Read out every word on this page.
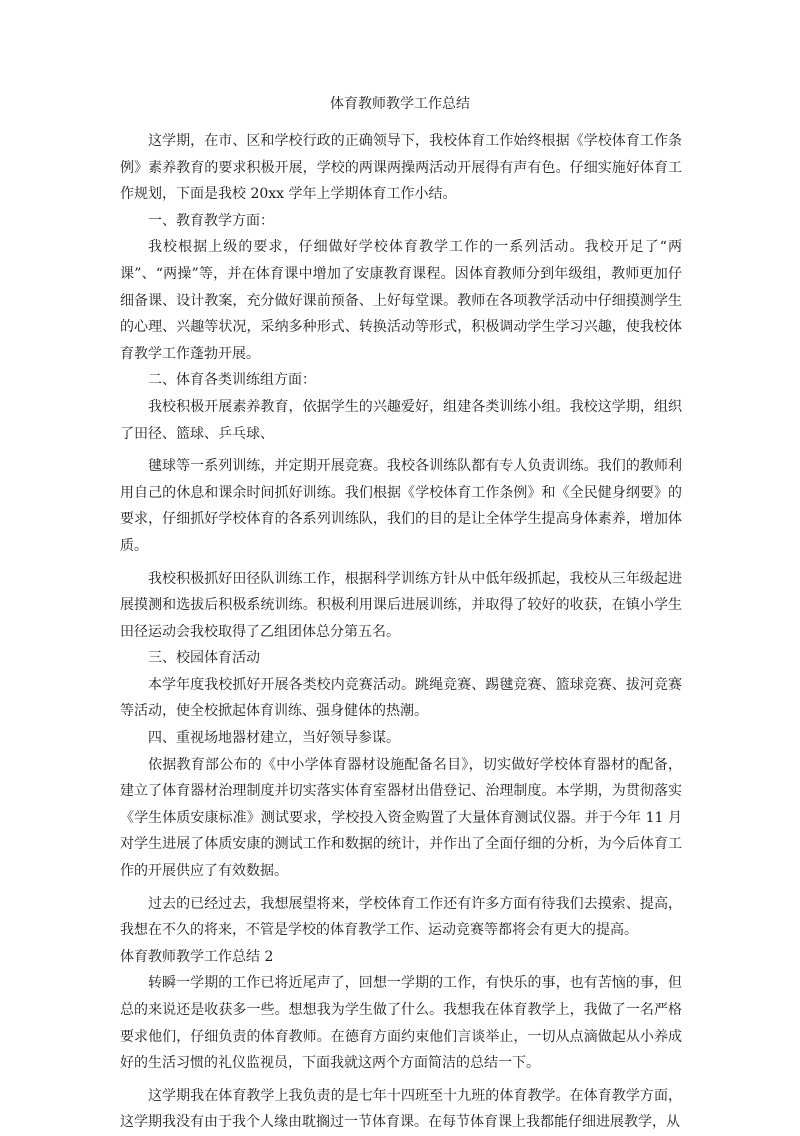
体育教师教学工作总结

这学期，在市、区和学校行政的正确领导下，我校体育工作始终根据《学校体育工作条例》素养教育的要求积极开展，学校的两课两操两活动开展得有声有色。仔细实施好体育工作规划，下面是我校 20xx 学年上学期体育工作小结。

一、教育教学方面：

我校根据上级的要求，仔细做好学校体育教学工作的一系列活动。我校开足了“两课”、“两操”等，并在体育课中增加了安康教育课程。因体育教师分到年级组，教师更加仔细备课、设计教案，充分做好课前预备、上好每堂课。教师在各项教学活动中仔细摸测学生的心理、兴趣等状况，采纳多种形式、转换活动等形式，积极调动学生学习兴趣，使我校体育教学工作蓬勃开展。

二、体育各类训练组方面：

我校积极开展素养教育，依据学生的兴趣爱好，组建各类训练小组。我校这学期，组织了田径、篮球、乒乓球、

毽球等一系列训练，并定期开展竞赛。我校各训练队都有专人负责训练。我们的教师利用自己的休息和课余时间抓好训练。我们根据《学校体育工作条例》和《全民健身纲要》的要求，仔细抓好学校体育的各系列训练队，我们的目的是让全体学生提高身体素养，增加体质。

我校积极抓好田径队训练工作，根据科学训练方针从中低年级抓起，我校从三年级起进展摸测和选拔后积极系统训练。积极利用课后进展训练，并取得了较好的收获，在镇小学生田径运动会我校取得了乙组团体总分第五名。

三、校园体育活动

本学年度我校抓好开展各类校内竞赛活动。跳绳竞赛、踢毽竞赛、篮球竞赛、拔河竞赛等活动，使全校掀起体育训练、强身健体的热潮。

四、重视场地器材建立，当好领导参谋。

依据教育部公布的《中小学体育器材设施配备名目》，切实做好学校体育器材的配备，建立了体育器材治理制度并切实落实体育室器材出借登记、治理制度。本学期，为贯彻落实《学生体质安康标准》测试要求，学校投入资金购置了大量体育测试仪器。并于今年 11 月对学生进展了体质安康的测试工作和数据的统计，并作出了全面仔细的分析，为今后体育工作的开展供应了有效数据。

过去的已经过去，我想展望将来，学校体育工作还有许多方面有待我们去摸索、提高，我想在不久的将来，不管是学校的体育教学工作、运动竞赛等都将会有更大的提高。

体育教师教学工作总结 2

转瞬一学期的工作已将近尾声了，回想一学期的工作，有快乐的事，也有苦恼的事，但总的来说还是收获多一些。想想我为学生做了什么。我想我在体育教学上，我做了一名严格要求他们，仔细负责的体育教师。在德育方面约束他们言谈举止，一切从点滴做起从小养成好的生活习惯的礼仪监视员，下面我就这两个方面简洁的总结一下。

这学期我在体育教学上我负责的是七年十四班至十九班的体育教学。在体育教学方面，这学期我没有由于我个人缘由耽搁过一节体育课。在每节体育课上我都能仔细进展教学，从
